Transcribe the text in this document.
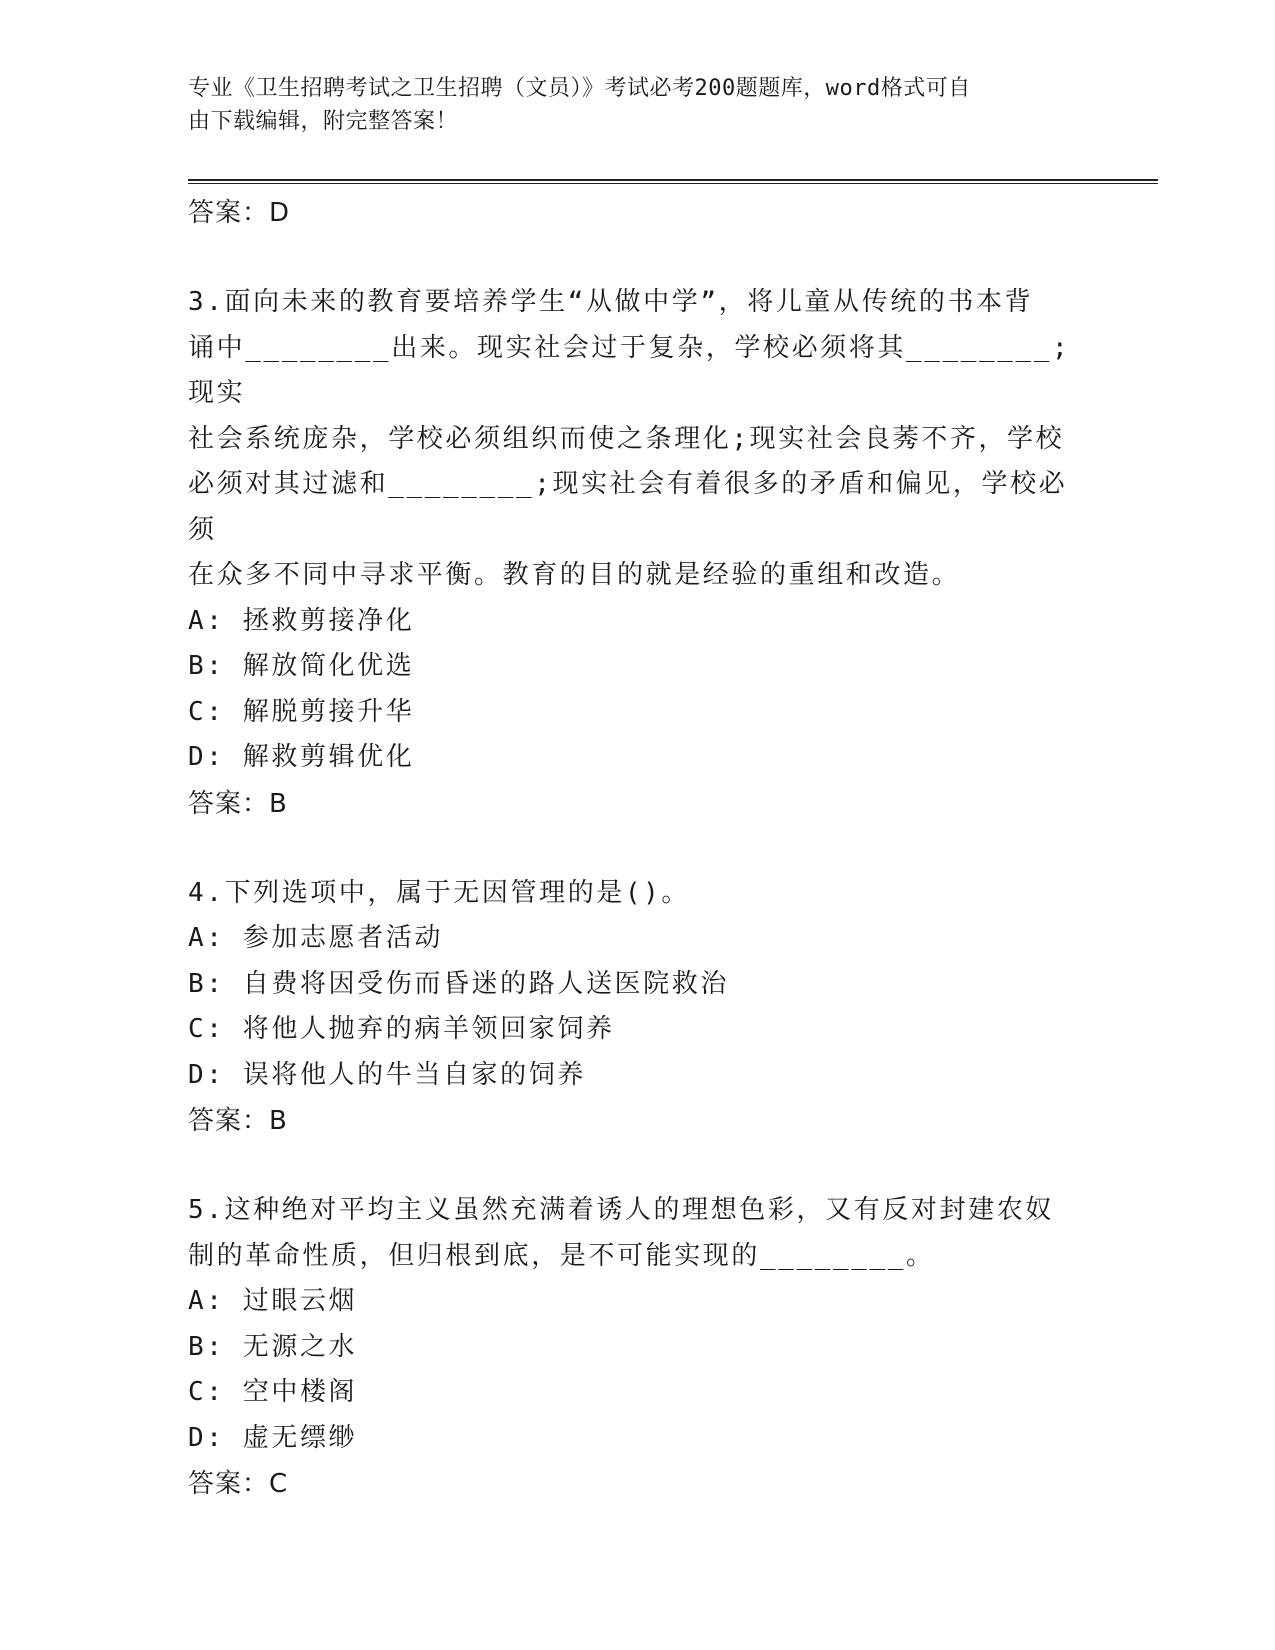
专业《卫生招聘考试之卫生招聘（文员）》考试必考200题题库，word格式可自
由下载编辑，附完整答案！
答案：D
3.面向未来的教育要培养学生“从做中学”，将儿童从传统的书本背
诵中________出来。现实社会过于复杂，学校必须将其________;现实
社会系统庞杂，学校必须组织而使之条理化;现实社会良莠不齐，学校
必须对其过滤和________;现实社会有着很多的矛盾和偏见，学校必须
在众多不同中寻求平衡。教育的目的就是经验的重组和改造。
A: 拯救剪接净化
B: 解放简化优选
C: 解脱剪接升华
D: 解救剪辑优化
答案：B
4.下列选项中，属于无因管理的是()。
A: 参加志愿者活动
B: 自费将因受伤而昏迷的路人送医院救治
C: 将他人抛弃的病羊领回家饲养
D: 误将他人的牛当自家的饲养
答案：B
5.这种绝对平均主义虽然充满着诱人的理想色彩，又有反对封建农奴
制的革命性质，但归根到底，是不可能实现的________。
A: 过眼云烟
B: 无源之水
C: 空中楼阁
D: 虚无缥缈
答案：C
